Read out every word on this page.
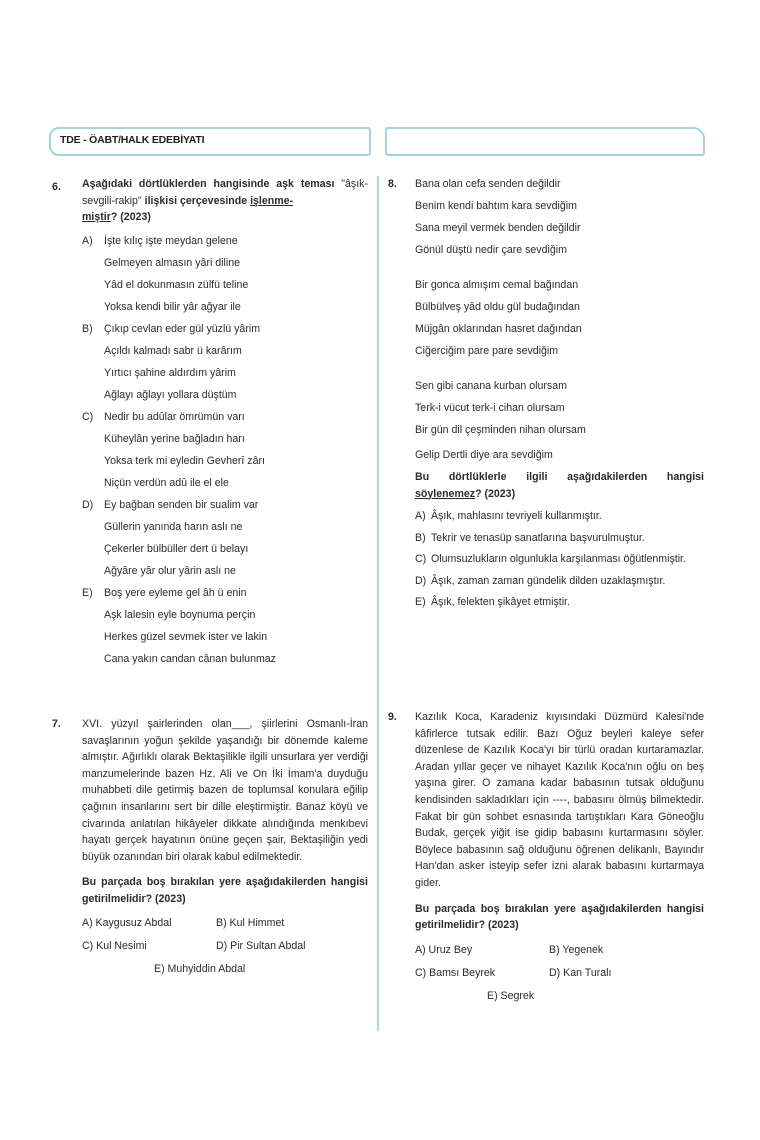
TDE - ÖABT/HALK EDEBİYATI
6. Aşağıdaki dörtlüklerden hangisinde aşk teması "âşık-sevgili-rakip" ilişkisi çerçevesinde işlenme-
miştir? (2023)
A) İşte kılıç işte meydan gelene
Gelmeyen almasın yâri diline
Yâd el dokunmasın zülfü teline
Yoksa kendi bilir yâr ağyar ile
B) Çıkıp cevlan eder gül yüzlü yârim
Açıldı kalmadı sabr ü karârım
Yırtıcı şahine aldırdım yârim
Ağlayı ağlayı yollara düştüm
C) Nedir bu adûlar ömrümün varı
Küheylân yerine bağladın harı
Yoksa terk mi eyledin Gevherî zârı
Niçün verdün adû ile el ele
D) Ey bağban senden bir sualim var
Güllerin yanında harın aslı ne
Çekerler bülbüller dert ü belayı
Ağyâre yâr olur yârin aslı ne
E) Boş yere eyleme gel âh ü enin
Aşk lalesin eyle boynuma perçin
Herkes güzel sevmek ister ve lakin
Cana yakın candan cânan bulunmaz
7. XVI. yüzyıl şairlerinden olan___, şiirlerini Osmanlı-İran savaşlarının yoğun şekilde yaşandığı bir dönemde kaleme almıştır. Ağırlıklı olarak Bektaşilikle ilgili unsurlara yer verdiği manzumelerinde bazen Hz. Ali ve On İki İmam'a duyduğu muhabbeti dile getirmiş bazen de toplumsal konulara eğilip çağının insanlarını sert bir dille eleştirmiştir. Banaz köyü ve civarında anlatılan hikâyeler dikkate alındığında menkıbevi hayatı gerçek hayatının önüne geçen şair, Bektaşiliğin yedi büyük ozanından biri olarak kabul edilmektedir.
Bu parçada boş bırakılan yere aşağıdakilerden hangisi getirilmelidir? (2023)
A) Kaygusuz Abdal	B) Kul Himmet
C) Kul Nesimi	D) Pir Sultan Abdal
E) Muhyiddin Abdal
8. Bana olan cefa senden değildir
Benim kendi bahtım kara sevdiğim
Sana meyil vermek benden değildir
Gönül düştü nedir çare sevdiğim
Bir gonca almışım cemal bağından
Bülbülveş yâd oldu gül budağından
Müjgân oklarından hasret dağından
Ciğerciğim pare pare sevdiğim
Sen gibi canana kurban olursam
Terk-i vücut terk-i cihan olursam
Bir gün dil çeşminden nihan olursam
Gelip Dertli diye ara sevdiğim
Bu dörtlüklerle ilgili aşağıdakilerden hangisi söylenemez? (2023)
A) Âşık, mahlasını tevriyeli kullanmıştır.
B) Tekrir ve tenasüp sanatlarına başvurulmuştur.
C) Olumsuzlukların olgunlukla karşılanması öğütlenmiştir.
D) Âşık, zaman zaman gündelik dilden uzaklaşmıştır.
E) Âşık, felekten şikâyet etmiştir.
9. Kazılık Koca, Karadeniz kıyısındaki Düzmürd Kalesi'nde kâfirlerce tutsak edilir. Bazı Oğuz beyleri kaleye sefer düzenlese de Kazılık Koca'yı bir türlü oradan kurtaramazlar. Aradan yıllar geçer ve nihayet Kazılık Koca'nın oğlu on beş yaşına girer. O zamana kadar babasının tutsak olduğunu kendisinden sakladıkları için ----, babasını ölmüş bilmektedir. Fakat bir gün sohbet esnasında tartıştıkları Kara Göneoğlu Budak, gerçek yiğit ise gidip babasını kurtarmasını söyler. Böylece babasının sağ olduğunu öğrenen delikanlı, Bayındır Han'dan asker isteyip sefer izni alarak babasını kurtarmaya gider.
Bu parçada boş bırakılan yere aşağıdakilerden hangisi getirilmelidir? (2023)
A) Uruz Bey	B) Yegenek
C) Bamsı Beyrek	D) Kan Turalı
E) Segrek
